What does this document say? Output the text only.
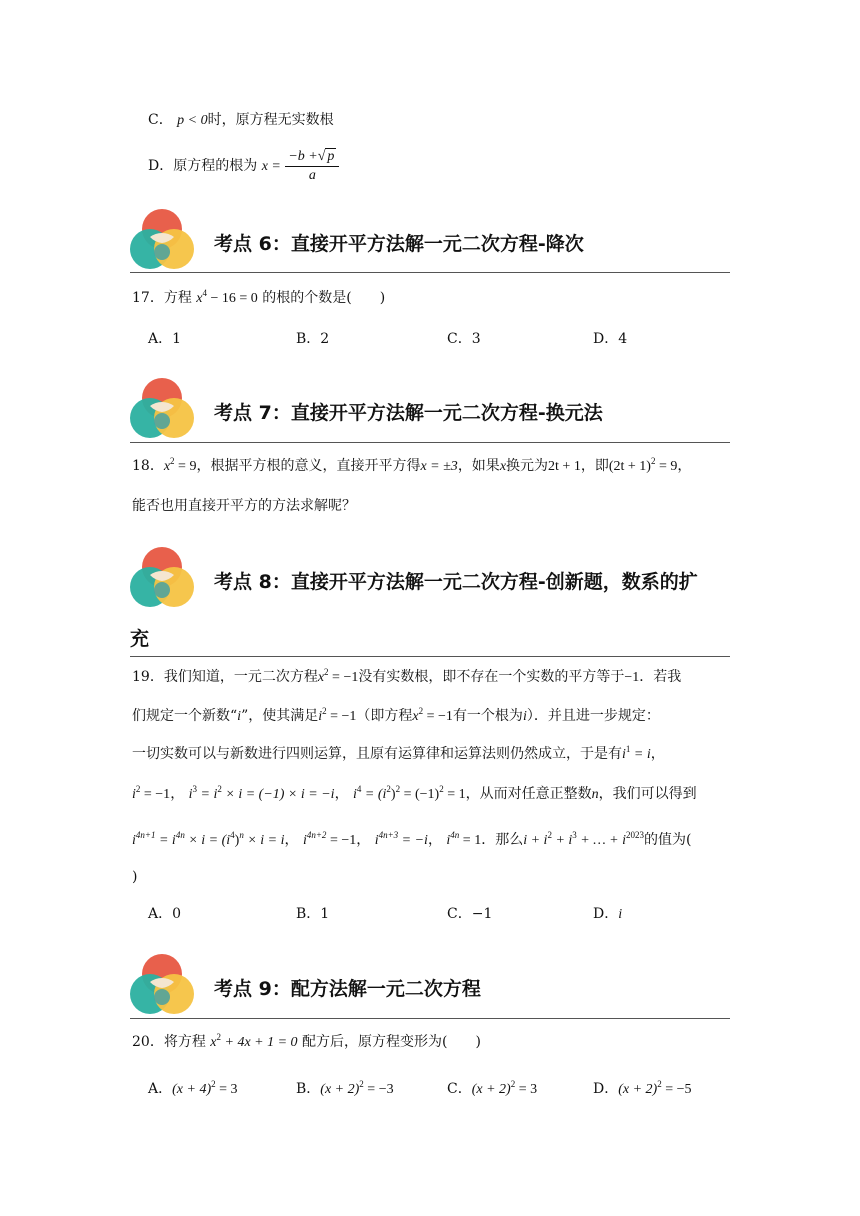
C． p < 0时，原方程无实数根
D．原方程的根为 $x = \frac{-b +√ p}{a}$
考点 6：直接开平方法解一元二次方程-降次
17．方程 $x^4 - 16 = 0$ 的根的个数是(　　)
A．1	B．2	C．3	D．4
考点 7：直接开平方法解一元二次方程-换元法
18．$x^2 = 9$，根据平方根的意义，直接开平方得x = ±3，如果x换元为2t + 1，即$(2t + 1)^2 = 9$，
能否也用直接开平方的方法求解呢？
考点 8：直接开平方法解一元二次方程-创新题，数系的扩
充
19．我们知道，一元二次方程$x^2 = -1$没有实数根，即不存在一个实数的平方等于−1．若我
们规定一个新数“i”，使其满足$i^2 = -1$（即方程$x^2 = -1$有一个根为i）．并且进一步规定：
一切实数可以与新数进行四则运算，且原有运算律和运算法则仍然成立，于是有$i^1 = i$，
$i^2 = -1$， $i^3 = i^2 \times i = (-1) \times i = -i$， $i^4 = (i^2)^2 = (-1)^2 = 1$，从而对任意正整数n，我们可以得到
$i^{4n+1} = i^{4n} \times i = (i^4)^n \times i = i$， $i^{4n+2} = -1$， $i^{4n+3} = -i$， $i^{4n} = 1$．那么$i + i^2 + i^3$ + … + $i^{2023}$的值为(
)
A．0	B．1	C．−1	D．i
考点 9：配方法解一元二次方程
20．将方程 $x^2 + 4x + 1 = 0$ 配方后，原方程变形为(　　)
A．$(x + 4)^2 = 3$	B．$(x + 2)^2 = -3$	C．$(x + 2)^2 = 3$	D．$(x + 2)^2 = -5$
